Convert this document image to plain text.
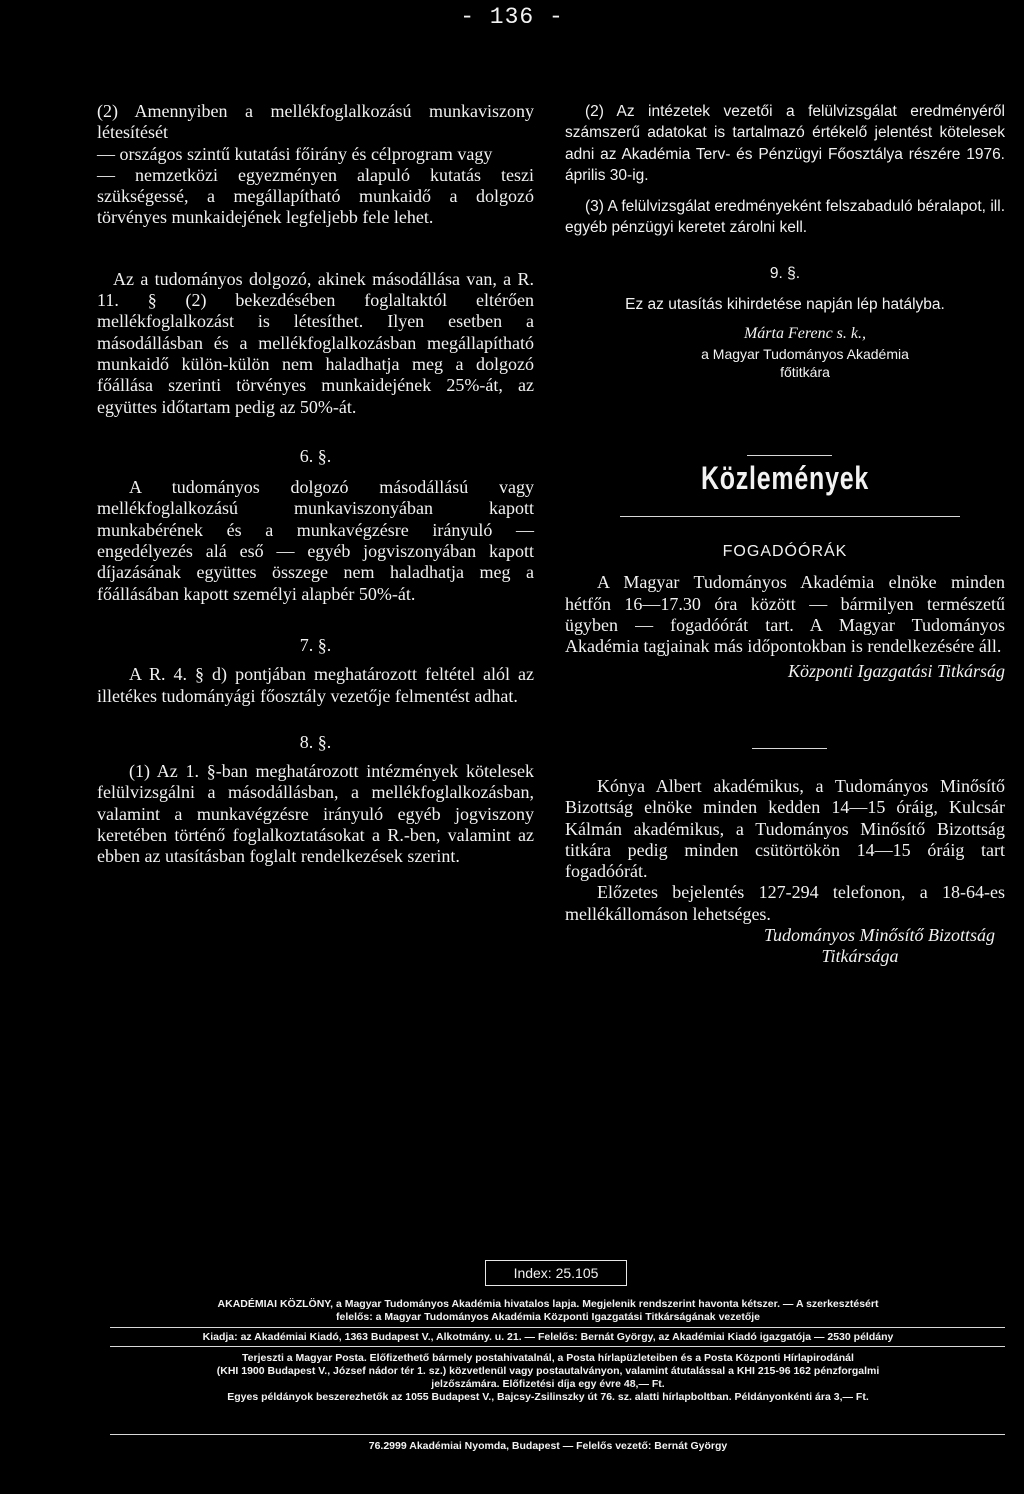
- 136 -

(2) Amennyiben a mellékfoglalkozású munkaviszony létesítését

— országos szintű kutatási főirány és célprogram vagy

— nemzetközi egyezményen alapuló kutatás teszi szükségessé, a megállapítható munkaidő a dolgozó törvényes munkaidejének legfeljebb fele lehet.

Az a tudományos dolgozó, akinek másodállása van, a R. 11. § (2) bekezdésében foglaltaktól eltérően mellékfoglalkozást is létesíthet. Ilyen esetben a másodállásban és a mellékfoglalkozásban megállapítható munkaidő külön-külön nem haladhatja meg a dolgozó főállása szerinti törvényes munkaidejének 25%-át, az együttes időtartam pedig az 50%-át.

6. §.

A tudományos dolgozó másodállású vagy mellékfoglalkozású munkaviszonyában kapott munkabérének és a munkavégzésre irányuló — engedélyezés alá eső — egyéb jogviszonyában kapott díjazásának együttes összege nem haladhatja meg a főállásában kapott személyi alapbér 50%-át.

7. §.

A R. 4. § d) pontjában meghatározott feltétel alól az illetékes tudományági főosztály vezetője felmentést adhat.

8. §.

(1) Az 1. §-ban meghatározott intézmények kötelesek felülvizsgálni a másodállásban, a mellékfoglalkozásban, valamint a munkavégzésre irányuló egyéb jogviszony keretében történő foglalkoztatásokat a R.-ben, valamint az ebben az utasításban foglalt rendelkezések szerint.

(2) Az intézetek vezetői a felülvizsgálat eredményéről számszerű adatokat is tartalmazó értékelő jelentést kötelesek adni az Akadémia Terv- és Pénzügyi Főosztálya részére 1976. április 30-ig.

(3) A felülvizsgálat eredményeként felszabaduló béralapot, ill. egyéb pénzügyi keretet zárolni kell.

9. §.

Ez az utasítás kihirdetése napján lép hatályba.

Márta Ferenc s. k.,

a Magyar Tudományos Akadémia

főtitkára

Közlemények

FOGADÓÓRÁK

A Magyar Tudományos Akadémia elnöke minden hétfőn 16—17.30 óra között — bármilyen természetű ügyben — fogadóórát tart. A Magyar Tudományos Akadémia tagjainak más időpontokban is rendelkezésére áll.

Központi Igazgatási Titkárság

Kónya Albert akadémikus, a Tudományos Minősítő Bizottság elnöke minden kedden 14—15 óráig, Kulcsár Kálmán akadémikus, a Tudományos Minősítő Bizottság titkára pedig minden csütörtökön 14—15 óráig tart fogadóórát.

Előzetes bejelentés 127-294 telefonon, a 18-64-es mellékállomáson lehetséges.

Tudományos Minősítő Bizottság

Titkársága

Index: 25.105

AKADÉMIAI KÖZLÖNY, a Magyar Tudományos Akadémia hivatalos lapja. Megjelenik rendszerint havonta kétszer. — A szerkesztésért

felelős: a Magyar Tudományos Akadémia Központi Igazgatási Titkárságának vezetője

Kiadja: az Akadémiai Kiadó, 1363 Budapest V., Alkotmány. u. 21. — Felelős: Bernát György, az Akadémiai Kiadó igazgatója — 2530 példány

Terjeszti a Magyar Posta. Előfizethető bármely postahivatalnál, a Posta hírlapüzleteiben és a Posta Központi Hírlapirodánál

(KHI 1900 Budapest V., József nádor tér 1. sz.) közvetlenül vagy postautalványon, valamint átutalással a KHI 215-96 162 pénzforgalmi

jelzőszámára. Előfizetési díja egy évre 48,— Ft.

Egyes példányok beszerezhetők az 1055 Budapest V., Bajcsy-Zsilinszky út 76. sz. alatti hírlapboltban. Példányonkénti ára 3,— Ft.

76.2999 Akadémiai Nyomda, Budapest — Felelős vezető: Bernát György
